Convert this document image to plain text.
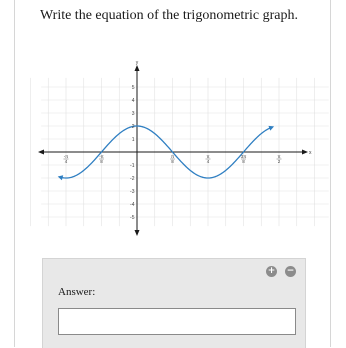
Write the equation of the trigonometric graph.
x
y
5
4
3
2
1
-1
-2
-3
-4
-5
-π
4
-π
8
π
8
π
4
3π
8
π
2
+ −
Answer:
